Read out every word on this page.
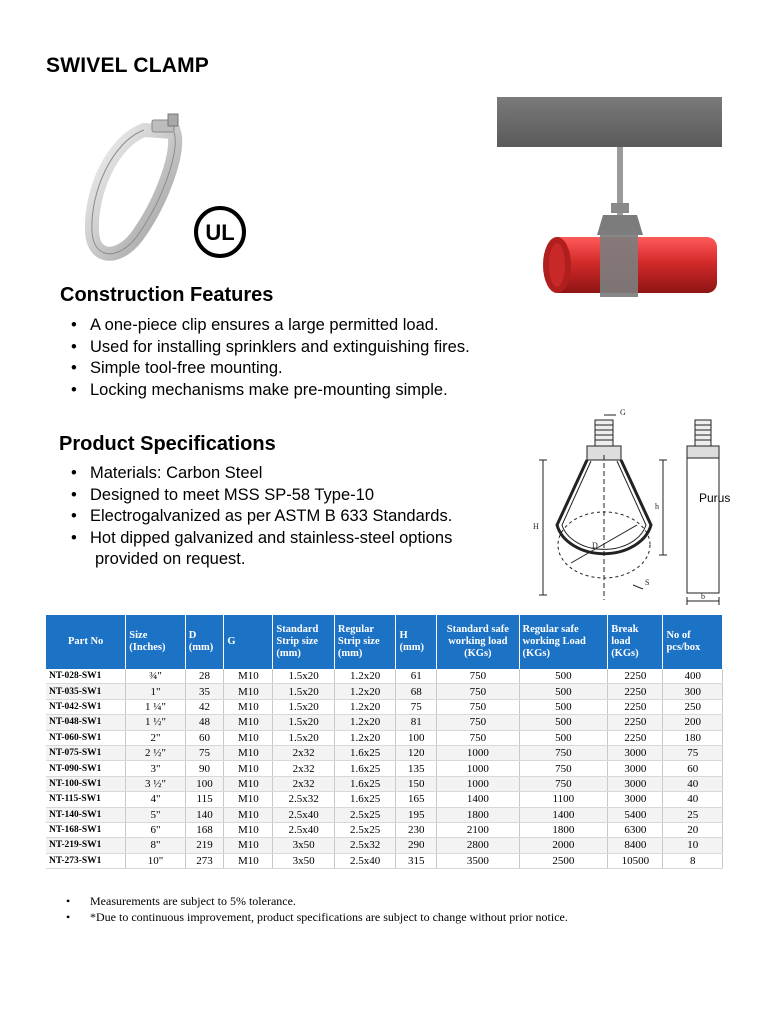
SWIVEL CLAMP
UL
Construction Features
• A one-piece clip ensures a large permitted load.
• Used for installing sprinklers and extinguishing fires.
• Simple tool-free mounting.
• Locking mechanisms make pre-mounting simple.
Product Specifications
• Materials: Carbon Steel
• Designed to meet MSS SP-58 Type-10
• Electrogalvanized as per ASTM B 633 Standards.
• Hot dipped galvanized and stainless-steel options
provided on request.
G
H
h
D
S
b
Purus
Part No	Size (Inches)	D (mm)	G	Standard Strip size (mm)	Regular Strip size (mm)	H (mm)	Standard safe working load (KGs)	Regular safe working Load (KGs)	Break load (KGs)	No of pcs/box
NT-028-SW1	¾"	28	M10	1.5x20	1.2x20	61	750	500	2250	400
NT-035-SW1	1"	35	M10	1.5x20	1.2x20	68	750	500	2250	300
NT-042-SW1	1 ¼"	42	M10	1.5x20	1.2x20	75	750	500	2250	250
NT-048-SW1	1 ½"	48	M10	1.5x20	1.2x20	81	750	500	2250	200
NT-060-SW1	2"	60	M10	1.5x20	1.2x20	100	750	500	2250	180
NT-075-SW1	2 ½"	75	M10	2x32	1.6x25	120	1000	750	3000	75
NT-090-SW1	3"	90	M10	2x32	1.6x25	135	1000	750	3000	60
NT-100-SW1	3 ½"	100	M10	2x32	1.6x25	150	1000	750	3000	40
NT-115-SW1	4"	115	M10	2.5x32	1.6x25	165	1400	1100	3000	40
NT-140-SW1	5"	140	M10	2.5x40	2.5x25	195	1800	1400	5400	25
NT-168-SW1	6"	168	M10	2.5x40	2.5x25	230	2100	1800	6300	20
NT-219-SW1	8"	219	M10	3x50	2.5x32	290	2800	2000	8400	10
NT-273-SW1	10"	273	M10	3x50	2.5x40	315	3500	2500	10500	8
• Measurements are subject to 5% tolerance.
• *Due to continuous improvement, product specifications are subject to change without prior notice.
